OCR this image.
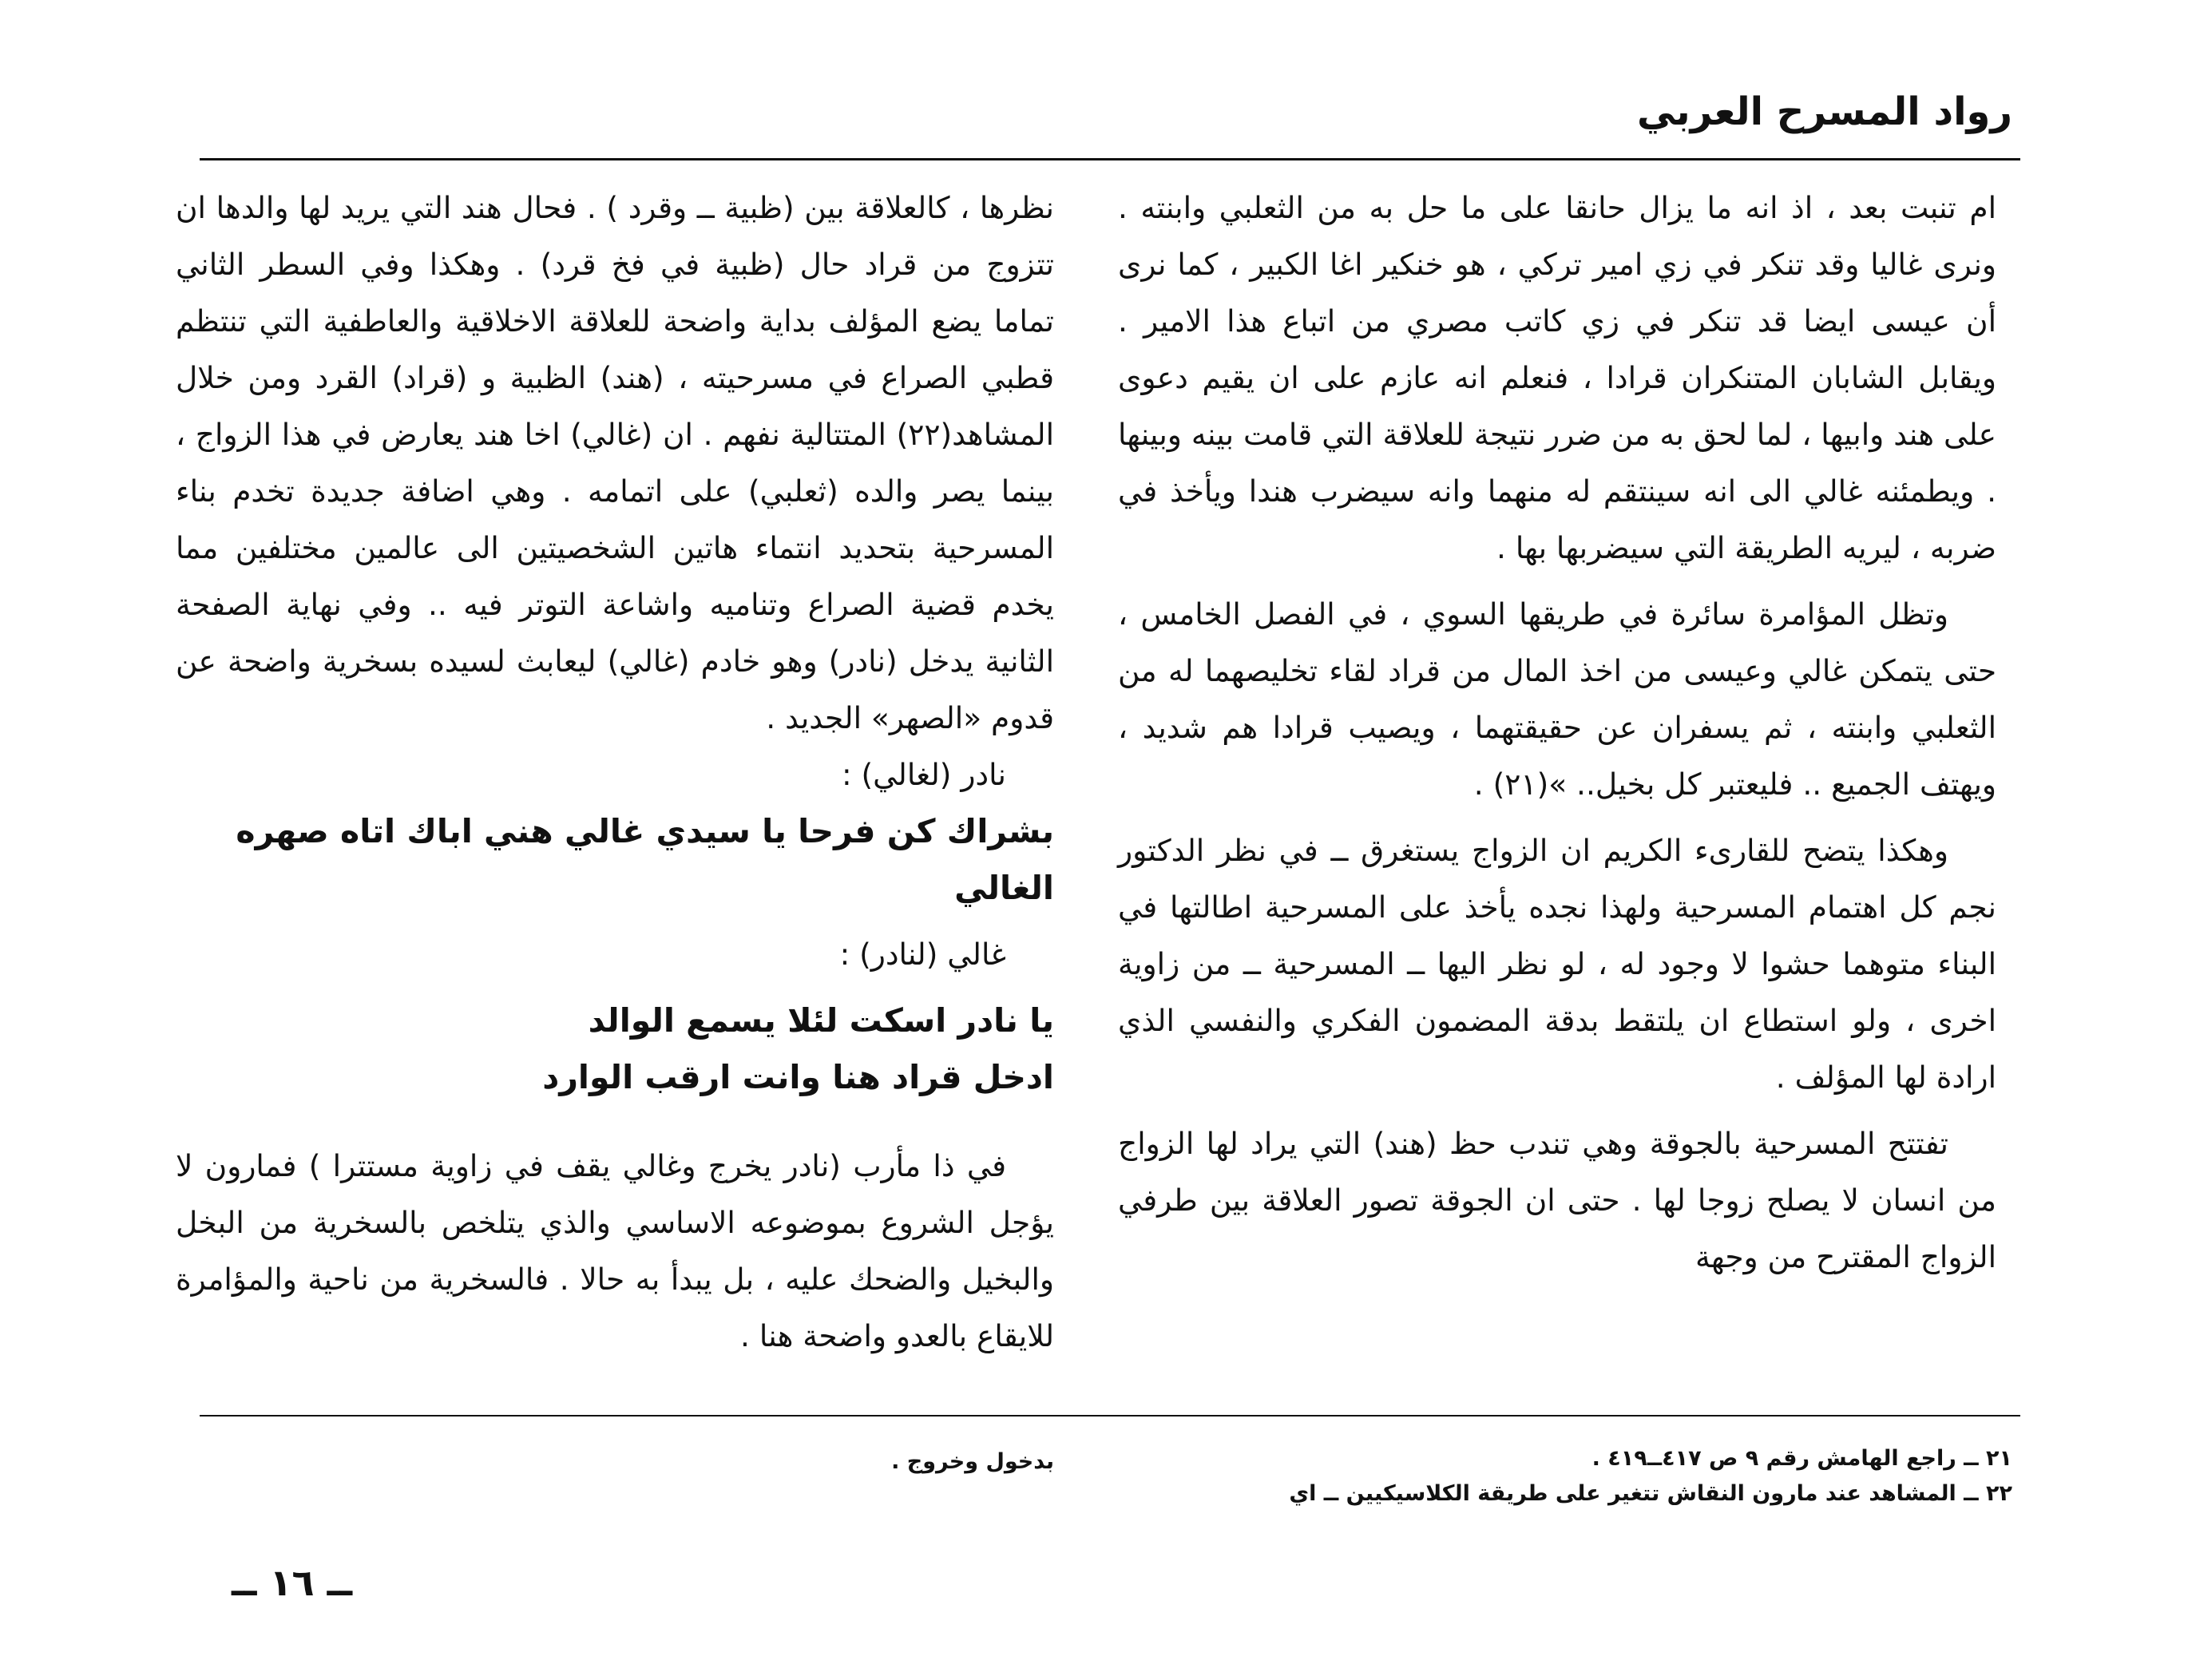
رواد المسرح العربي

ام تنبت بعد ، اذ انه ما يزال حانقا على ما حل به من الثعلبي وابنته . ونرى غاليا وقد تنكر في زي امير تركي ، هو خنكير اغا الكبير ، كما نرى أن عيسى ايضا قد تنكر في زي كاتب مصري من اتباع هذا الامير . ويقابل الشابان المتنكران قرادا ، فنعلم انه عازم على ان يقيم دعوى على هند وابيها ، لما لحق به من ضرر نتيجة للعلاقة التي قامت بينه وبينها . ويطمئنه غالي الى انه سينتقم له منهما وانه سيضرب هندا ويأخذ في ضربه ، ليريه الطريقة التي سيضربها بها .

وتظل المؤامرة سائرة في طريقها السوي ، في الفصل الخامس ، حتى يتمكن غالي وعيسى من اخذ المال من قراد لقاء تخليصهما له من الثعلبي وابنته ، ثم يسفران عن حقيقتهما ، ويصيب قرادا هم شديد ، ويهتف الجميع .. فليعتبر كل بخيل.. »(٢١) .

وهكذا يتضح للقارىء الكريم ان الزواج يستغرق ــ في نظر الدكتور نجم كل اهتمام المسرحية ولهذا نجده يأخذ على المسرحية اطالتها في البناء متوهما حشوا لا وجود له ، لو نظر اليها ــ المسرحية ــ من زاوية اخرى ، ولو استطاع ان يلتقط بدقة المضمون الفكري والنفسي الذي ارادة لها المؤلف .

تفتتح المسرحية بالجوقة وهي تندب حظ (هند) التي يراد لها الزواج من انسان لا يصلح زوجا لها . حتى ان الجوقة تصور العلاقة بين طرفي الزواج المقترح من وجهة

نظرها ، كالعلاقة بين (ظبية ــ وقرد ) . فحال هند التي يريد لها والدها ان تتزوج من قراد حال (ظبية في فخ قرد) . وهكذا وفي السطر الثاني تماما يضع المؤلف بداية واضحة للعلاقة الاخلاقية والعاطفية التي تنتظم قطبي الصراع في مسرحيته ، (هند) الظبية و (قراد) القرد ومن خلال المشاهد(٢٢) المتتالية نفهم . ان (غالي) اخا هند يعارض في هذا الزواج ، بينما يصر والده (ثعلبي) على اتمامه . وهي اضافة جديدة تخدم بناء المسرحية بتحديد انتماء هاتين الشخصيتين الى عالمين مختلفين مما يخدم قضية الصراع وتناميه واشاعة التوتر فيه .. وفي نهاية الصفحة الثانية يدخل (نادر) وهو خادم (غالي) ليعابث لسيده بسخرية واضحة عن قدوم «الصهر» الجديد .

نادر (لغالي) :

بشراك كن فرحا يا سيدي غالي هني اباك اتاه صهره الغالي

غالي (لنادر) :

يا نادر اسكت لئلا يسمع الوالد

ادخل قراد هنا وانت ارقب الوارد

في ذا مأرب (نادر يخرج وغالي يقف في زاوية مستترا ) فمارون لا يؤجل الشروع بموضوعه الاساسي والذي يتلخص بالسخرية من البخل والبخيل والضحك عليه ، بل يبدأ به حالا . فالسخرية من ناحية والمؤامرة للايقاع بالعدو واضحة هنا .

٢١ ــ راجع الهامش رقم ٩ ص ٤١٧ــ٤١٩ .
٢٢ ــ المشاهد عند مارون النقاش تتغير على طريقة الكلاسيكيين ــ اي
بدخول وخروج .
ــ ١٦ ــ
